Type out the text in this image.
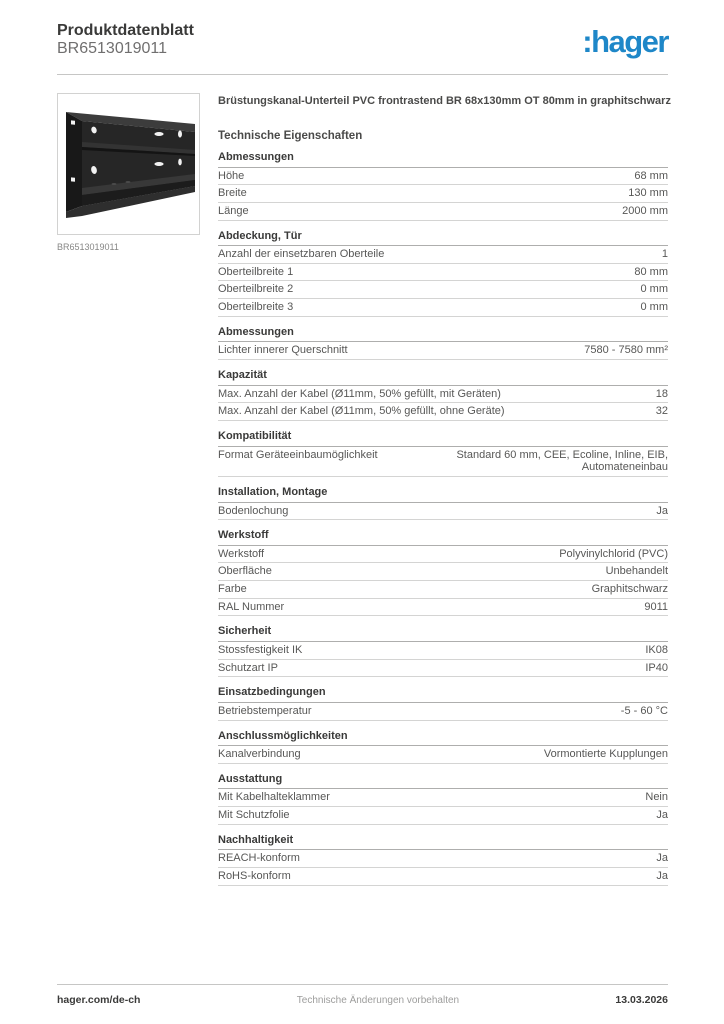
Produktdatenblatt
BR6513019011	:hager
BR6513019011
Brüstungskanal-Unterteil PVC frontrastend BR 68x130mm OT 80mm in graphitschwarz
Technische Eigenschaften
Abmessungen
Höhe	68 mm
Breite	130 mm
Länge	2000 mm
Abdeckung, Tür
Anzahl der einsetzbaren Oberteile	1
Oberteilbreite 1	80 mm
Oberteilbreite 2	0 mm
Oberteilbreite 3	0 mm
Abmessungen
Lichter innerer Querschnitt	7580 - 7580 mm²
Kapazität
Max. Anzahl der Kabel (Ø11mm, 50% gefüllt, mit Geräten)	18
Max. Anzahl der Kabel (Ø11mm, 50% gefüllt, ohne Geräte)	32
Kompatibilität
Format Geräteeinbaumöglichkeit	Standard 60 mm, CEE, Ecoline, Inline, EIB, Automateneinbau
Installation, Montage
Bodenlochung	Ja
Werkstoff
Werkstoff	Polyvinylchlorid (PVC)
Oberfläche	Unbehandelt
Farbe	Graphitschwarz
RAL Nummer	9011
Sicherheit
Stossfestigkeit IK	IK08
Schutzart IP	IP40
Einsatzbedingungen
Betriebstemperatur	-5 - 60 °C
Anschlussmöglichkeiten
Kanalverbindung	Vormontierte Kupplungen
Ausstattung
Mit Kabelhalteklammer	Nein
Mit Schutzfolie	Ja
Nachhaltigkeit
REACH-konform	Ja
RoHS-konform	Ja
hager.com/de-ch	Technische Änderungen vorbehalten	13.03.2026
